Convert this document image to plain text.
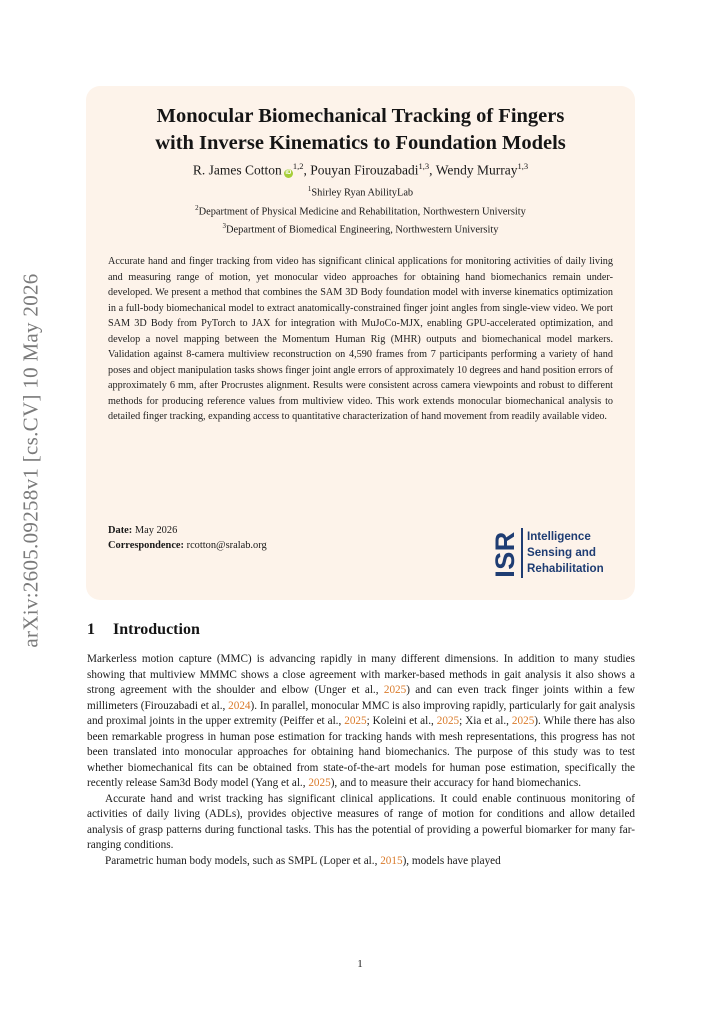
arXiv:2605.09258v1 [cs.CV] 10 May 2026
Monocular Biomechanical Tracking of Fingers
with Inverse Kinematics to Foundation Models
R. James Cotton iD$^{1,2}$, Pouyan Firouzabadi$^{1,3}$, Wendy Murray$^{1,3}$
$^1$Shirley Ryan AbilityLab
$^2$Department of Physical Medicine and Rehabilitation, Northwestern University
$^3$Department of Biomedical Engineering, Northwestern University
Accurate hand and finger tracking from video has significant clinical applications for monitoring activities of daily living and measuring range of motion, yet monocular video approaches for obtaining hand biomechanics remain under-developed. We present a method that combines the SAM 3D Body foundation model with inverse kinematics optimization in a full-body biomechanical model to extract anatomically-constrained finger joint angles from single-view video. We port SAM 3D Body from PyTorch to JAX for integration with MuJoCo-MJX, enabling GPU-accelerated optimization, and develop a novel mapping between the Momentum Human Rig (MHR) outputs and biomechanical model markers. Validation against 8-camera multiview reconstruction on 4,590 frames from 7 participants performing a variety of hand poses and object manipulation tasks shows finger joint angle errors of approximately 10 degrees and hand position errors of approximately 6 mm, after Procrustes alignment. Results were consistent across camera viewpoints and robust to different methods for producing reference values from multiview video. This work extends monocular biomechanical analysis to detailed finger tracking, expanding access to quantitative characterization of hand movement from readily available video.
Date: May 2026
Correspondence: rcotton@sralab.org	ISR Intelligence
Sensing and
Rehabilitation
1 Introduction

Markerless motion capture (MMC) is advancing rapidly in many different dimensions. In addition to many studies showing that multiview MMMC shows a close agreement with marker-based methods in gait analysis it also shows a strong agreement with the shoulder and elbow (Unger et al., 2025) and can even track finger joints within a few millimeters (Firouzabadi et al., 2024). In parallel, monocular MMC is also improving rapidly, particularly for gait analysis and proximal joints in the upper extremity (Peiffer et al., 2025; Koleini et al., 2025; Xia et al., 2025). While there has also been remarkable progress in human pose estimation for tracking hands with mesh representations, this progress has not been translated into monocular approaches for obtaining hand biomechanics. The purpose of this study was to test whether biomechanical fits can be obtained from state-of-the-art models for human pose estimation, specifically the recently release Sam3d Body model (Yang et al., 2025), and to measure their accuracy for hand biomechanics.

Accurate hand and wrist tracking has significant clinical applications. It could enable continuous monitoring of activities of daily living (ADLs), provides objective measures of range of motion for conditions and allow detailed analysis of grasp patterns during functional tasks. This has the potential of providing a powerful biomarker for many far-ranging conditions.

Parametric human body models, such as SMPL (Loper et al., 2015), models have played

1
